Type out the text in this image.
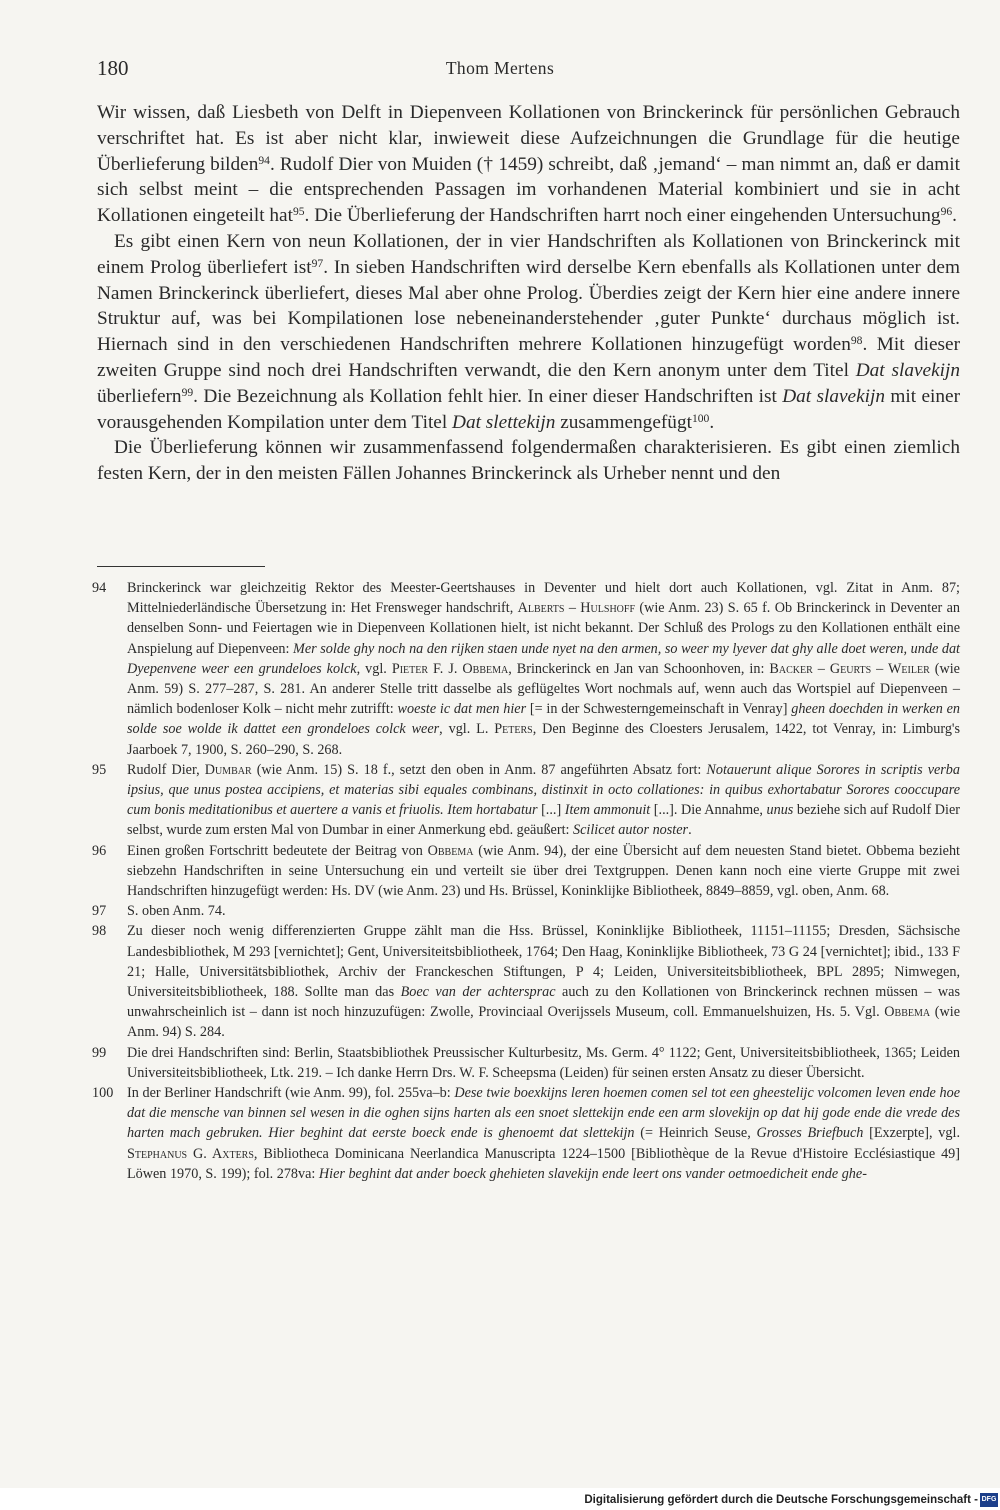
180	Thom Mertens

Wir wissen, daß Liesbeth von Delft in Diepenveen Kollationen von Brinckerinck für persönlichen Gebrauch verschriftet hat. Es ist aber nicht klar, inwieweit diese Aufzeichnungen die Grundlage für die heutige Überlieferung bilden$^{94}$. Rudolf Dier von Muiden († 1459) schreibt, daß ‚jemand‘ – man nimmt an, daß er damit sich selbst meint – die entsprechenden Passagen im vorhandenen Material kombiniert und sie in acht Kollationen eingeteilt hat$^{95}$. Die Überlieferung der Handschriften harrt noch einer eingehenden Untersuchung$^{96}$.

Es gibt einen Kern von neun Kollationen, der in vier Handschriften als Kollationen von Brinckerinck mit einem Prolog überliefert ist$^{97}$. In sieben Handschriften wird derselbe Kern ebenfalls als Kollationen unter dem Namen Brinckerinck überliefert, dieses Mal aber ohne Prolog. Überdies zeigt der Kern hier eine andere innere Struktur auf, was bei Kompilationen lose nebeneinanderstehender ‚guter Punkte‘ durchaus möglich ist. Hiernach sind in den verschiedenen Handschriften mehrere Kollationen hinzugefügt worden$^{98}$. Mit dieser zweiten Gruppe sind noch drei Handschriften verwandt, die den Kern anonym unter dem Titel Dat slavekijn überliefern$^{99}$. Die Bezeichnung als Kollation fehlt hier. In einer dieser Handschriften ist Dat slavekijn mit einer vorausgehenden Kompilation unter dem Titel Dat slettekijn zusammengefügt$^{100}$.

Die Überlieferung können wir zusammenfassend folgendermaßen charakterisieren. Es gibt einen ziemlich festen Kern, der in den meisten Fällen Johannes Brinckerinck als Urheber nennt und den

94 Brinckerinck war gleichzeitig Rektor des Meester-Geertshauses in Deventer und hielt dort auch Kollationen, vgl. Zitat in Anm. 87; Mittelniederländische Übersetzung in: Het Frensweger handschrift, Alberts – Hulshoff (wie Anm. 23) S. 65 f. Ob Brinckerinck in Deventer an denselben Sonn- und Feiertagen wie in Diepenveen Kollationen hielt, ist nicht bekannt. Der Schluß des Prologs zu den Kollationen enthält eine Anspielung auf Diepenveen: Mer solde ghy noch na den rijken staen unde nyet na den armen, so weer my lyever dat ghy alle doet weren, unde dat Dyepenvene weer een grundeloes kolck, vgl. Pieter F. J. Obbema, Brinckerinck en Jan van Schoonhoven, in: Backer – Geurts – Weiler (wie Anm. 59) S. 277–287, S. 281. An anderer Stelle tritt dasselbe als geflügeltes Wort nochmals auf, wenn auch das Wortspiel auf Diepenveen – nämlich bodenloser Kolk – nicht mehr zutrifft: woeste ic dat men hier [= in der Schwesterngemeinschaft in Venray] gheen doechden in werken en solde soe wolde ik dattet een grondeloes colck weer, vgl. L. Peters, Den Beginne des Cloesters Jerusalem, 1422, tot Venray, in: Limburg's Jaarboek 7, 1900, S. 260–290, S. 268.
95 Rudolf Dier, Dumbar (wie Anm. 15) S. 18 f., setzt den oben in Anm. 87 angeführten Absatz fort: Notauerunt alique Sorores in scriptis verba ipsius, que unus postea accipiens, et materias sibi equales combinans, distinxit in octo collationes: in quibus exhortabatur Sorores cooccupare cum bonis meditationibus et auertere a vanis et friuolis. Item hortabatur [...] Item ammonuit [...]. Die Annahme, unus beziehe sich auf Rudolf Dier selbst, wurde zum ersten Mal von Dumbar in einer Anmerkung ebd. geäußert: Scilicet autor noster.
96 Einen großen Fortschritt bedeutete der Beitrag von Obbema (wie Anm. 94), der eine Übersicht auf dem neuesten Stand bietet. Obbema bezieht siebzehn Handschriften in seine Untersuchung ein und verteilt sie über drei Textgruppen. Denen kann noch eine vierte Gruppe mit zwei Handschriften hinzugefügt werden: Hs. DV (wie Anm. 23) und Hs. Brüssel, Koninklijke Bibliotheek, 8849–8859, vgl. oben, Anm. 68.
97 S. oben Anm. 74.
98 Zu dieser noch wenig differenzierten Gruppe zählt man die Hss. Brüssel, Koninklijke Bibliotheek, 11151–11155; Dresden, Sächsische Landesbibliothek, M 293 [vernichtet]; Gent, Universiteitsbibliotheek, 1764; Den Haag, Koninklijke Bibliotheek, 73 G 24 [vernichtet]; ibid., 133 F 21; Halle, Universitätsbibliothek, Archiv der Franckeschen Stiftungen, P 4; Leiden, Universiteitsbibliotheek, BPL 2895; Nimwegen, Universiteitsbibliotheek, 188. Sollte man das Boec van der achtersprac auch zu den Kollationen von Brinckerinck rechnen müssen – was unwahrscheinlich ist – dann ist noch hinzuzufügen: Zwolle, Provinciaal Overijssels Museum, coll. Emmanuelshuizen, Hs. 5. Vgl. Obbema (wie Anm. 94) S. 284.
99 Die drei Handschriften sind: Berlin, Staatsbibliothek Preussischer Kulturbesitz, Ms. Germ. 4° 1122; Gent, Universiteitsbibliotheek, 1365; Leiden Universiteitsbibliotheek, Ltk. 219. – Ich danke Herrn Drs. W. F. Scheepsma (Leiden) für seinen ersten Ansatz zu dieser Übersicht.
100 In der Berliner Handschrift (wie Anm. 99), fol. 255va–b: Dese twie boexkijns leren hoemen comen sel tot een gheestelijc volcomen leven ende hoe dat die mensche van binnen sel wesen in die oghen sijns harten als een snoet slettekijn ende een arm slovekijn op dat hij gode ende die vrede des harten mach gebruken. Hier beghint dat eerste boeck ende is ghenoemt dat slettekijn (= Heinrich Seuse, Grosses Briefbuch [Exzerpte], vgl. Stephanus G. Axters, Bibliotheca Dominicana Neerlandica Manuscripta 1224–1500 [Bibliothèque de la Revue d'Histoire Ecclésiastique 49] Löwen 1970, S. 199); fol. 278va: Hier beghint dat ander boeck ghehieten slavekijn ende leert ons vander oetmoedicheit ende ghe-
Digitalisierung gefördert durch die Deutsche Forschungsgemeinschaft - DFG
